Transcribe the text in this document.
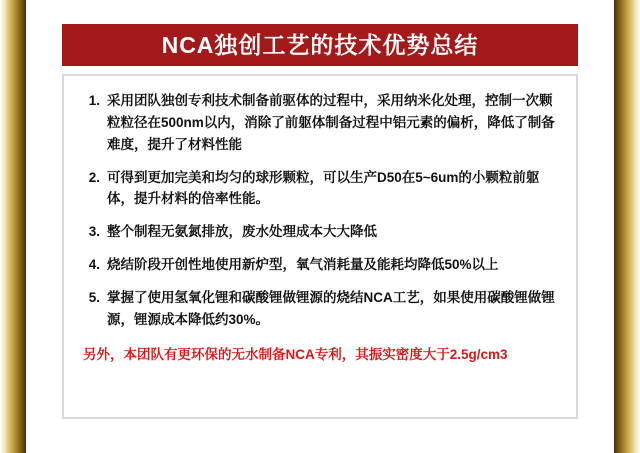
NCA独创工艺的技术优势总结
1. 采用团队独创专利技术制备前驱体的过程中，采用纳米化处理，控制一次颗粒粒径在500nm以内，消除了前躯体制备过程中铝元素的偏析，降低了制备难度，提升了材料性能
2. 可得到更加完美和均匀的球形颗粒，可以生产D50在5~6um的小颗粒前躯体，提升材料的倍率性能。
3. 整个制程无氨氮排放，废水处理成本大大降低
4. 烧结阶段开创性地使用新炉型，氧气消耗量及能耗均降低50%以上
5. 掌握了使用氢氧化锂和碳酸锂做锂源的烧结NCA工艺，如果使用碳酸锂做锂源，锂源成本降低约30%。
另外，本团队有更环保的无水制备NCA专利，其振实密度大于2.5g/cm3
